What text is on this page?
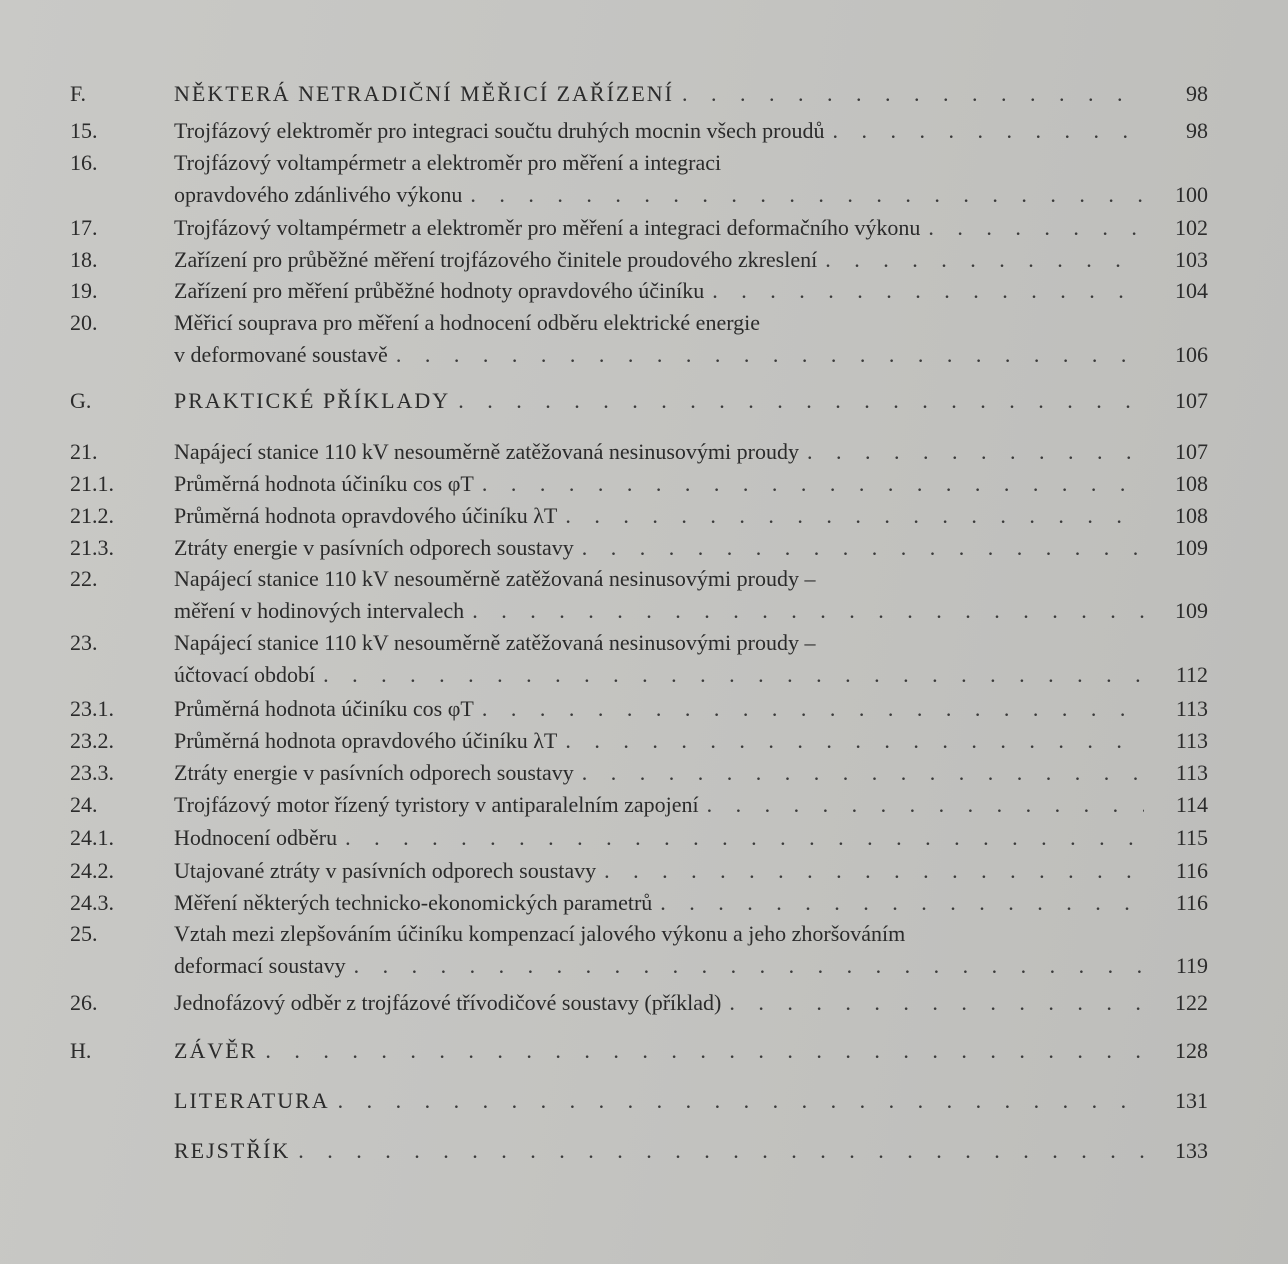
F.	NĚKTERÁ NETRADIČNÍ MĚŘICÍ ZAŘÍZENÍ . . .	98
15.	Trojfázový elektroměr pro integraci součtu druhých mocnin všech proudů . . .	98
16.	Trojfázový voltampérmetr a elektroměr pro měření a integraci
opravdového zdánlivého výkonu . . .	100
17.	Trojfázový voltampérmetr a elektroměr pro měření a integraci deformačního výkonu . . .	102
18.	Zařízení pro průběžné měření trojfázového činitele proudového zkreslení . . .	103
19.	Zařízení pro měření průběžné hodnoty opravdového účiníku . . .	104
20.	Měřicí souprava pro měření a hodnocení odběru elektrické energie
v deformované soustavě . . .	106
G.	PRAKTICKÉ PŘÍKLADY . . .	107
21.	Napájecí stanice 110 kV nesouměrně zatěžovaná nesinusovými proudy . . .	107
21.1.	Průměrná hodnota účiníku cos φT . . .	108
21.2.	Průměrná hodnota opravdového účiníku λT . . .	108
21.3.	Ztráty energie v pasívních odporech soustavy . . .	109
22.	Napájecí stanice 110 kV nesouměrně zatěžovaná nesinusovými proudy –
měření v hodinových intervalech . . .	109
23.	Napájecí stanice 110 kV nesouměrně zatěžovaná nesinusovými proudy –
účtovací období . . .	112
23.1.	Průměrná hodnota účiníku cos φT . . .	113
23.2.	Průměrná hodnota opravdového účiníku λT . . .	113
23.3.	Ztráty energie v pasívních odporech soustavy . . .	113
24.	Trojfázový motor řízený tyristory v antiparalelním zapojení . . .	114
24.1.	Hodnocení odběru . . .	115
24.2.	Utajované ztráty v pasívních odporech soustavy . . .	116
24.3.	Měření některých technicko-ekonomických parametrů . . .	116
25.	Vztah mezi zlepšováním účiníku kompenzací jalového výkonu a jeho zhoršováním
deformací soustavy . . .	119
26.	Jednofázový odběr z trojfázové třívodičové soustavy (příklad) . . .	122
H.	ZÁVĚR . . .	128
LITERATURA . . .	131
REJSTŘÍK . . .	133
